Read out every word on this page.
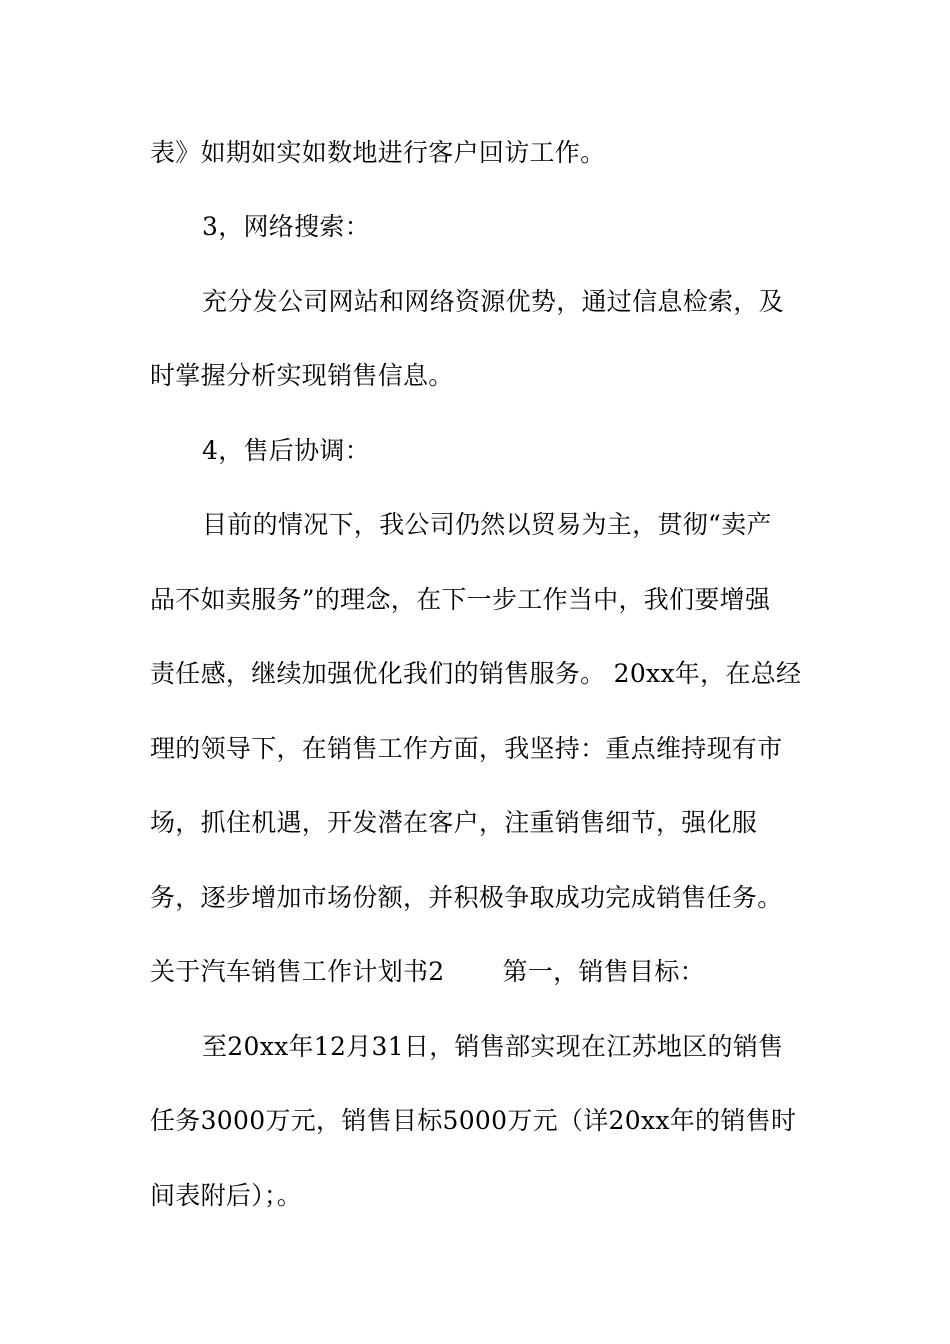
表》如期如实如数地进行客户回访工作。
3，网络搜索：
充分发公司网站和网络资源优势，通过信息检索，及
时掌握分析实现销售信息。
4，售后协调：
目前的情况下，我公司仍然以贸易为主，贯彻“卖产
品不如卖服务”的理念，在下一步工作当中，我们要增强
责任感，继续加强优化我们的销售服务。 20xx年，在总经
理的领导下，在销售工作方面，我坚持：重点维持现有市
场，抓住机遇，开发潜在客户，注重销售细节，强化服
务，逐步增加市场份额，并积极争取成功完成销售任务。
关于汽车销售工作计划书2 第一，销售目标：
至20xx年12月31日，销售部实现在江苏地区的销售
任务3000万元，销售目标5000万元（详20xx年的销售时
间表附后）；。
